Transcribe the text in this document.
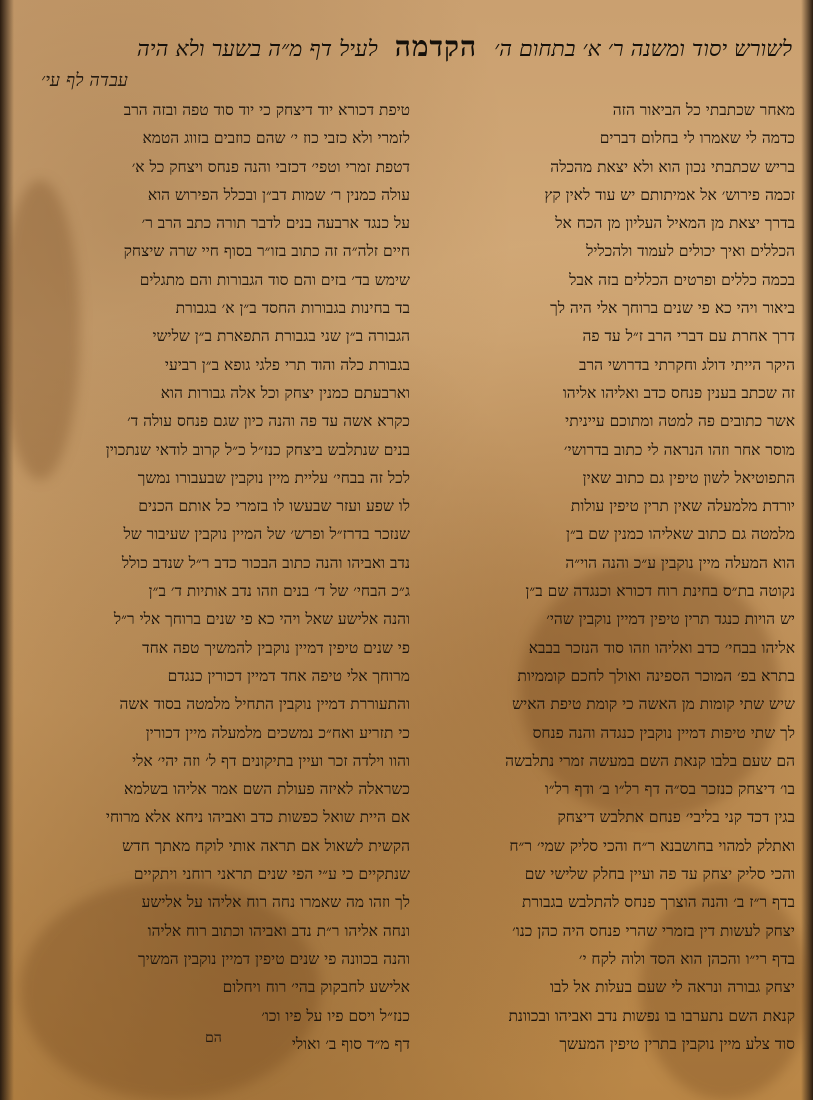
לשורש יסוד ומשנה ר׳ א׳ בתחום ה׳ הקדמה לעיל דף מ״ה בשער ולא היה
עבדה לף עי׳
מאחר שכתבתי כל הביאור הזה
כדמה לי שאמרו לי בחלום דברים
בריש שכתבתי נכון הוא ולא יצאת מהכלה
זכמה פירוש׳ אל אמיתותם יש עוד לאין קץ
בדרך יצאת מן המאיל העליון מן הכח אל
הכללים ואיך יכולים לעמוד ולהכליל
בכמה כללים ופרטים הכללים בזה אבל
ביאור ויהי כא פי שנים ברוחך אלי היה לך
דרך אחרת עם דברי הרב ז״ל עד פה
היקר הייתי דולג וחקרתי בדרושי הרב
זה שכתב בענין פנחס כדב ואליהו אליהו
אשר כתובים פה למטה ומתוכם עייניתי
מוסר אחר וזהו הנראה לי כתוב בדרושי׳
התפוטיאל לשון טיפין גם כתוב שאין
יורדת מלמעלה שאין תרין טיפין עולות
מלמטה גם כתוב שאליהו כמנין שם ב״ן
הוא המעלה מיין נוקבין ע״כ והנה הוי״ה
נקוטה בת״ס בחינת רוח דכורא וכנגדה שם ב״ן
יש הויות כנגד תרין טיפין דמיין נוקבין שהי׳
אליהו בבחי׳ כדב ואליהו וזהו סוד הנזכר בבבא
בתרא בפ׳ המוכר הספינה ואולך לחכם קוממיות
שיש שתי קומות מן האשה כי קומת טיפת האיש
לך שתי טיפות דמיין נוקבין כנגדה והנה פנחס
הם שעם בלבו קנאת השם במעשה זמרי נתלבשה
בו׳ דיצחק כנזכר בס״ה דף רל״ו ב׳ ודף רל״ו
בגין דכד קני בליבי׳ פנחם אתלבש דיצחק
ואתלק למהוי בחושבנא ר״ח והכי סליק שמי׳ ר״ח
והכי סליק יצחק עד פה ועיין בחלק שלישי שם
בדף ר״ז ב׳ והנה הוצרך פנחס להתלבש בגבורת
יצחק לעשות דין בזמרי שהרי פנחס היה כהן כנו׳
בדף רי״ו והכהן הוא הסד ולוה לקח י׳
יצחק גבורה ונראה לי שעם בעלות אל לבו
קנאת השם נתערבו בו נפשות נדב ואביהו ובכוונת
סוד צלע מיין נוקבין בתרין טיפין המעשך
טיפת דכורא יוד דיצחק כי יוד סוד טפה ובזה הרב
לזמרי ולא כזבי כוז י׳ שהם כוזבים בזווג הטמא
דטפת זמרי וטפי׳ דכזבי והנה פנחס ויצחק כל א׳
עולה כמנין ר׳ שמות דב״ן ובכלל הפירוש הוא
על כנגד ארבעה בנים לדבר תורה כתב הרב ר׳
חיים זלה״ה זה כתוב בזו״ר בסוף חיי שרה שיצחק
שימש בד׳ בזים והם סוד הגבורות והם מתגלים
בד בחינות בגבורות החסד ב״ן א׳ בגבורת
הגבורה ב״ן שני בגבורת התפארת ב״ן שלישי
בגבורת כלה והוד תרי פלגי גופא ב״ן רביעי
וארבעתם כמנין יצחק וכל אלה גבורות הוא
כקרא אשה עד פה והנה כיון שגם פנחס עולה ד׳
בנים שנתלבש ביצחק כנז״ל כ״ל קרוב לודאי שנתכוין
לכל זה בבחי׳ עליית מיין נוקבין שבעבורו נמשך
לו שפע ועזר שבעשו לו בזמרי כל אותם הכנים
שנזכר בדרז״ל ופרש׳ של המיין נוקבין שעיבור של
נדב ואביהו והנה כתוב הבכור כדב ר״ל שנדב כולל
ג״כ הבחי׳ של ד׳ בנים וזהו נדב אותיות ד׳ ב״ן
והנה אלישע שאל ויהי כא פי שנים ברוחך אלי ר״ל
פי שנים טיפין דמיין נוקבין להמשיך טפה אחד
מרוחך אלי טיפה אחד דמיין דכורין כנגדם
והתעוררת דמיין נוקבין התחיל מלמטה בסוד אשה
כי תזריע ואח״כ נמשכים מלמעלה מיין דכורין
והוו וילדה זכר ועיין בתיקונים דף ל׳ וזה יהי׳ אלי
כשראלה לאיזה פעולת השם אמר אליהו בשלמא
אם היית שואל כפשות כדב ואביהו ניחא אלא מרוחי
הקשית לשאול אם תראה אותי לוקח מאתך חדש
שנתקיים כי ע״י הפי שנים תראני רוחני ויתקיים
לך וזהו מה שאמרו נחה רוח אליהו על אלישע
ונחה אליהו ר״ת נדב ואביהו וכתוב רוח אליהו
והנה בכוונה פי שנים טיפין דמיין נוקבין המשיך
אלישע לחבקוק בהי׳ רוח ויחלום
כנז״ל ויסם פיו על פיו וכו׳
דף מ״ד סוף ב׳ ואולי
הם
